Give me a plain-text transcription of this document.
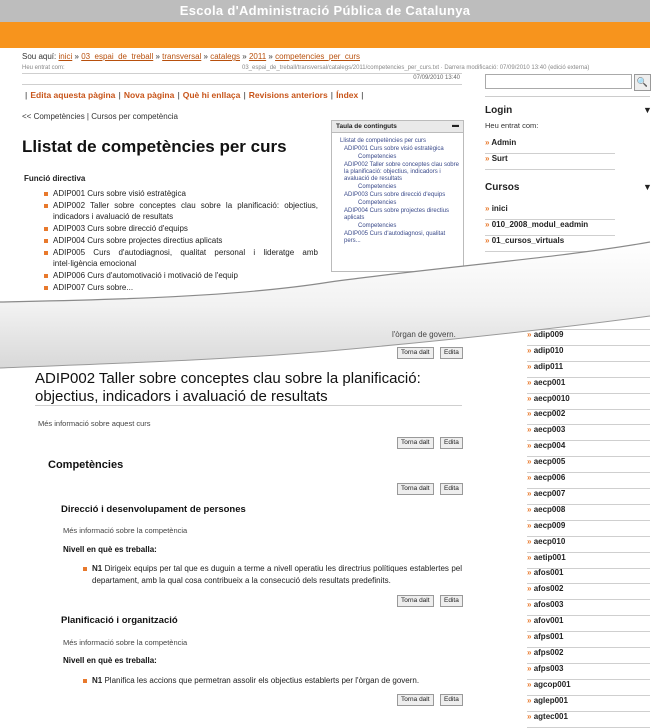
Escola d'Administració Pública de Catalunya
Sou aquí: inici » 03_espai_de_treball » transversal » catalegs » 2011 » competencies_per_curs
Heu entrat com:	03_espai_de_treball/transversal/catalegs/2011/competencies_per_curs.txt · Darrera modificació: 07/09/2010 13:40 (edició externa)
07/09/2010 13:40
| Edita aquesta pàgina | Nova pàgina | Què hi enllaça | Revisions anteriors | Índex |
<< Competències | Cursos per competència
Llistat de competències per curs
Funció directiva
ADIP001 Curs sobre visió estratègica
ADIP002 Taller sobre conceptes clau sobre la planificació: objectius, indicadors i avaluació de resultats
ADIP003 Curs sobre direcció d'equips
ADIP004 Curs sobre projectes directius aplicats
ADIP005 Curs d'autodiagnosi, qualitat personal i lideratge amb intel·ligència emocional
ADIP006 Curs d'automotivació i motivació de l'equip
ADIP007 Curs sobre...
Taula de continguts	▬
Llistat de competències per curs
ADIP001 Curs sobre visió estratègica
Competencies
ADIP002 Taller sobre conceptes clau sobre la planificació: objectius, indicadors i avaluació de resultats
Competencies
ADIP003 Curs sobre direcció d'equips
Competencies
ADIP004 Curs sobre projectes directius aplicats
Competencies
ADIP005 Curs d'autodiagnosi, qualitat pers...
🔍
Login	▼
Heu entrat com:
» Admin
» Surt
Cursos	▼
» inici
» 010_2008_modul_eadmin
» 01_cursos_virtuals
» adip009
» adip010
» adip011
» aecp001
» aecp0010
» aecp002
» aecp003
» aecp004
» aecp005
» aecp006
» aecp007
» aecp008
» aecp009
» aecp010
» aetip001
» afos001
» afos002
» afos003
» afov001
» afps001
» afps002
» afps003
» agcop001
» aglep001
» agtec001
l'òrgan de govern.
Torna dalt	Edita
ADIP002 Taller sobre conceptes clau sobre la planificació: objectius, indicadors i avaluació de resultats
Més informació sobre aquest curs
Torna dalt	Edita
Competències
Torna dalt	Edita
Direcció i desenvolupament de persones
Més informació sobre la competència
Nivell en què es treballa:
N1 Dirigeix equips per tal que es duguin a terme a nivell operatiu les directrius polítiques establertes pel departament, amb la qual cosa contribueix a la consecució dels resultats predefinits.
Torna dalt	Edita
Planificació i organització
Més informació sobre la competència
Nivell en què es treballa:
N1 Planifica les accions que permetran assolir els objectius establerts per l'òrgan de govern.
Torna dalt	Edita
